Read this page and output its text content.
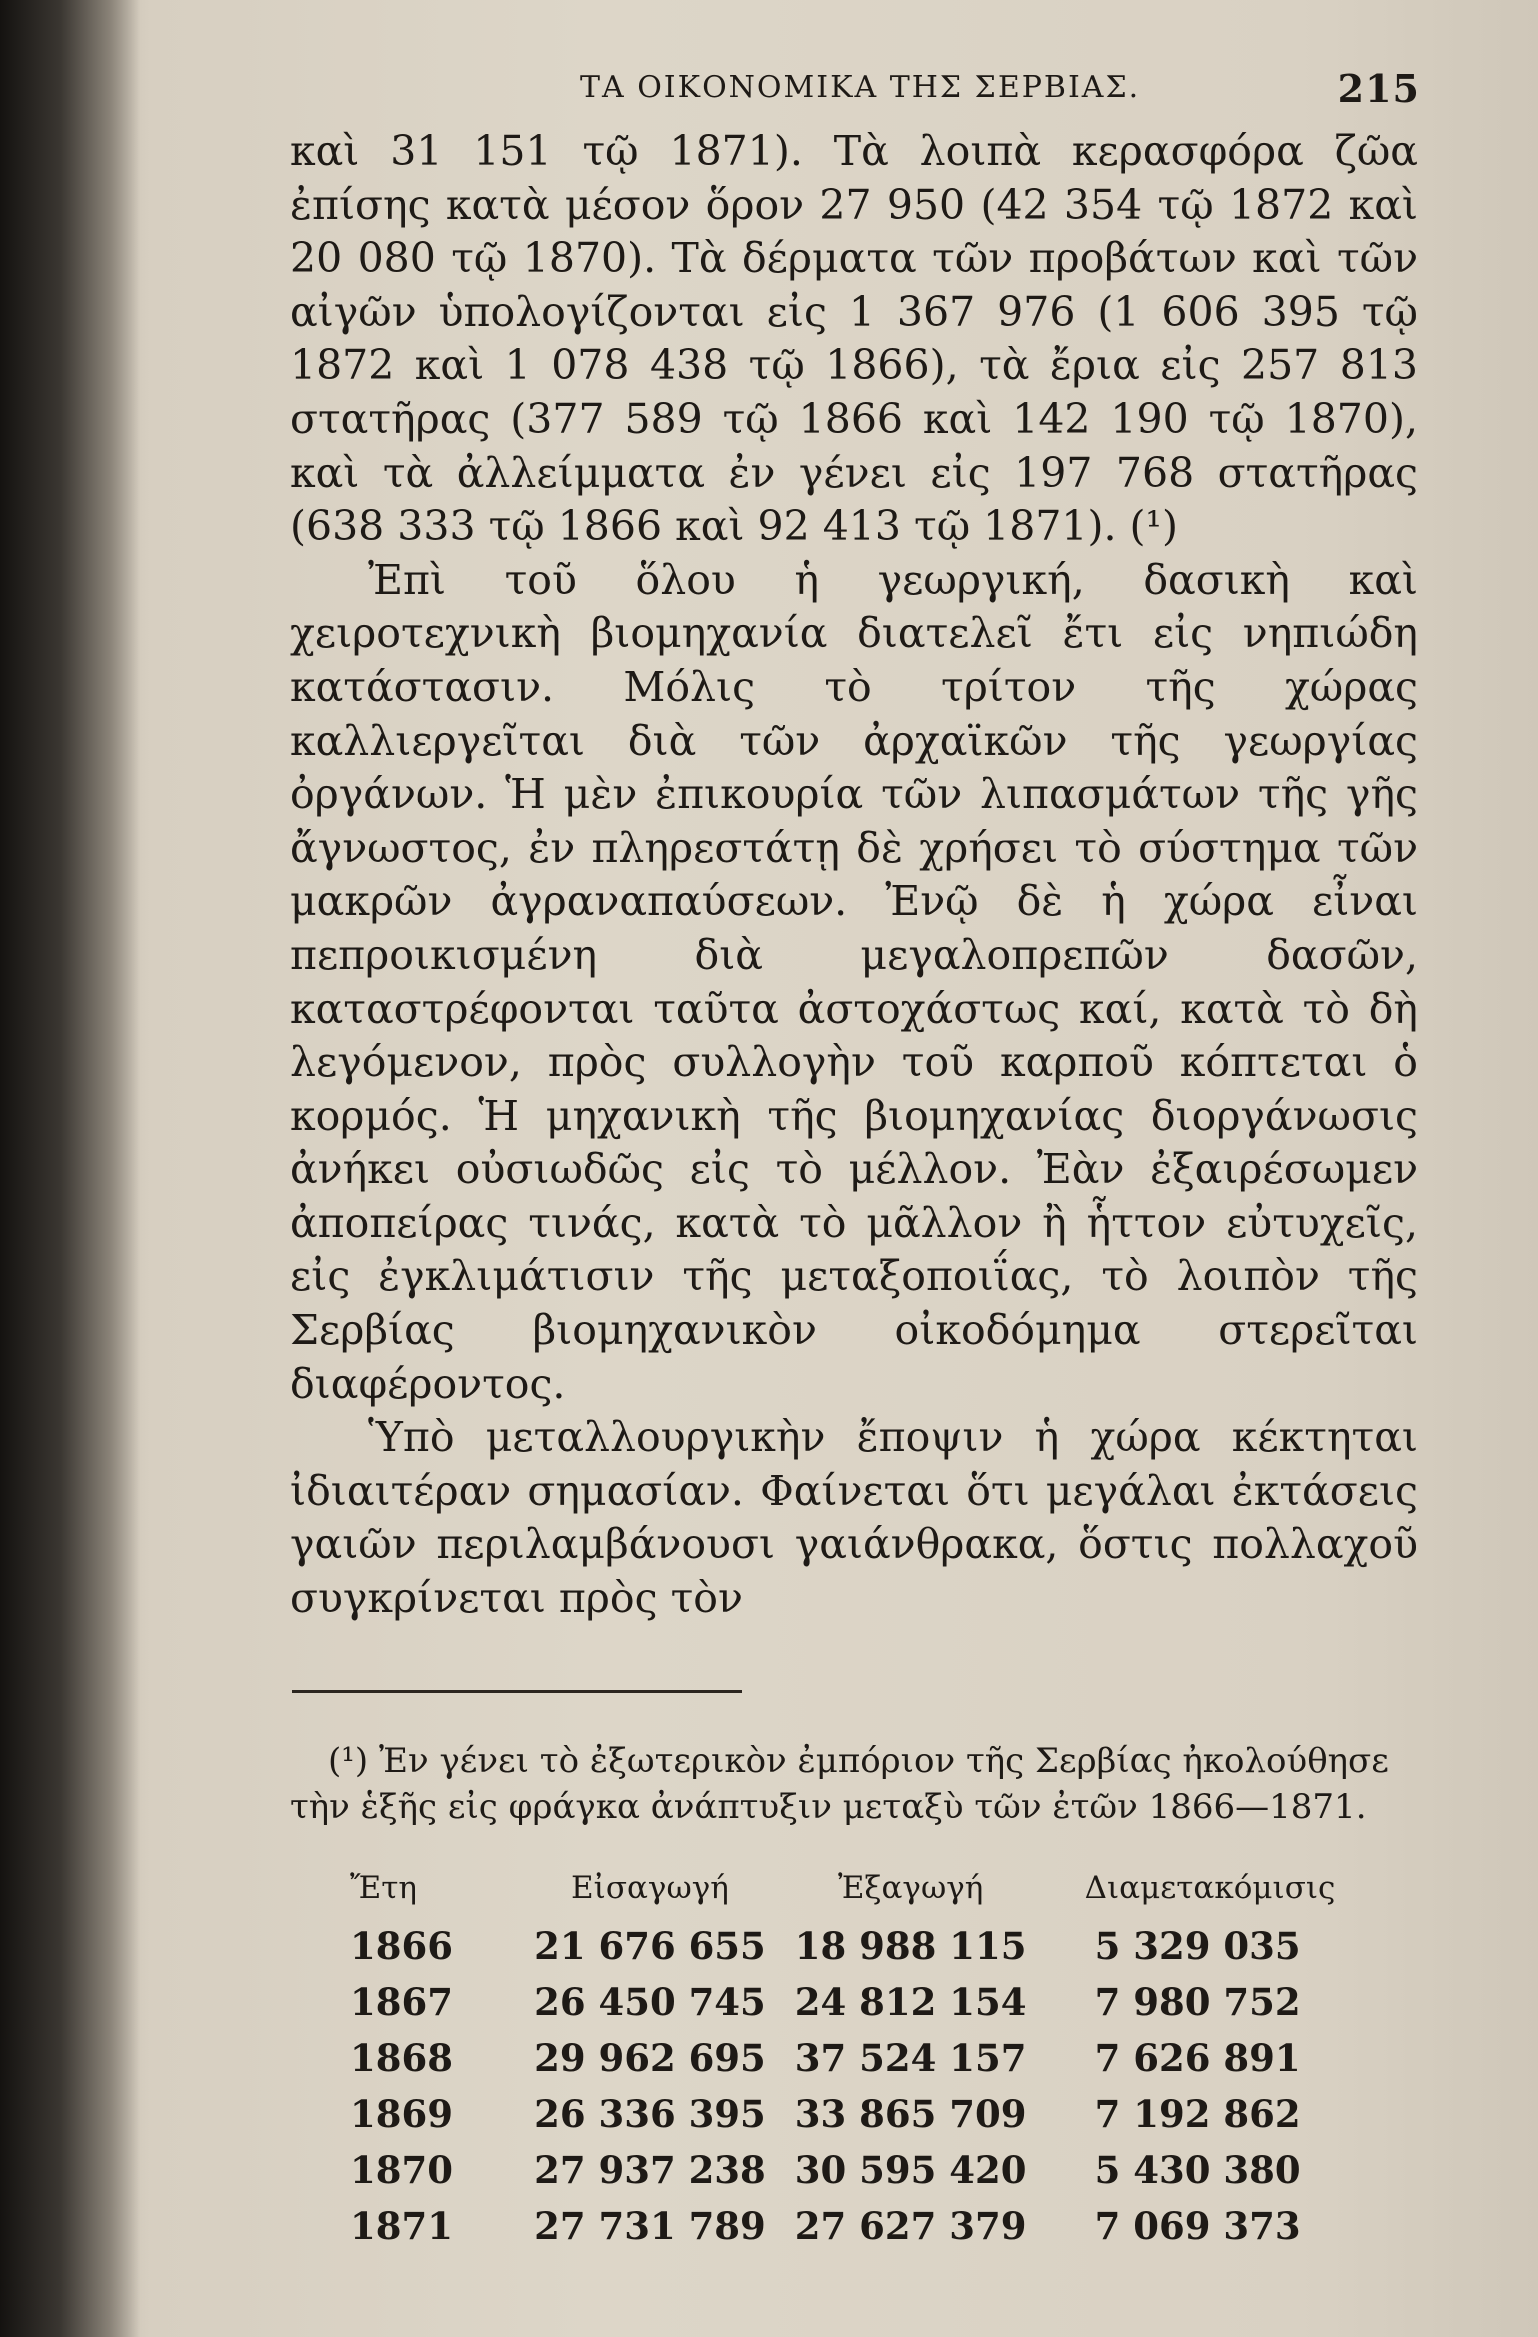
ΤΑ ΟΙΚΟΝΟΜΙΚΑ ΤΗΣ ΣΕΡΒΙΑΣ.	215

καὶ 31 151 τῷ 1871). Τὰ λοιπὰ κερασφόρα ζῶα ἐπίσης κατὰ μέσον ὅρον 27 950 (42 354 τῷ 1872 καὶ 20 080 τῷ 1870). Τὰ δέρματα τῶν προβάτων καὶ τῶν αἰγῶν ὑπολογίζονται εἰς 1 367 976 (1 606 395 τῷ 1872 καὶ 1 078 438 τῷ 1866), τὰ ἔρια εἰς 257 813 στατῆρας (377 589 τῷ 1866 καὶ 142 190 τῷ 1870), καὶ τὰ ἀλλείμματα ἐν γένει εἰς 197 768 στατῆρας (638 333 τῷ 1866 καὶ 92 413 τῷ 1871). (¹)

Ἐπὶ τοῦ ὅλου ἡ γεωργική, δασικὴ καὶ χειροτεχνικὴ βιομηχανία διατελεῖ ἔτι εἰς νηπιώδη κατάστασιν. Μόλις τὸ τρίτον τῆς χώρας καλλιεργεῖται διὰ τῶν ἀρχαϊκῶν τῆς γεωργίας ὀργάνων. Ἡ μὲν ἐπικουρία τῶν λιπασμάτων τῆς γῆς ἄγνωστος, ἐν πληρεστάτῃ δὲ χρήσει τὸ σύστημα τῶν μακρῶν ἀγραναπαύσεων. Ἐνῷ δὲ ἡ χώρα εἶναι πεπροικισμένη διὰ μεγαλοπρεπῶν δασῶν, καταστρέφονται ταῦτα ἀστοχάστως καί, κατὰ τὸ δὴ λεγόμενον, πρὸς συλλογὴν τοῦ καρποῦ κόπτεται ὁ κορμός. Ἡ μηχανικὴ τῆς βιομηχανίας διοργάνωσις ἀνήκει οὐσιωδῶς εἰς τὸ μέλλον. Ἐὰν ἐξαιρέσωμεν ἀποπείρας τινάς, κατὰ τὸ μᾶλλον ἢ ἧττον εὐτυχεῖς, εἰς ἐγκλιμάτισιν τῆς μεταξοποιΐας, τὸ λοιπὸν τῆς Σερβίας βιομηχανικὸν οἰκοδόμημα στερεῖται διαφέροντος.

Ὑπὸ μεταλλουργικὴν ἔποψιν ἡ χώρα κέκτηται ἰδιαιτέραν σημασίαν. Φαίνεται ὅτι μεγάλαι ἐκτάσεις γαιῶν περιλαμβάνουσι γαιάνθρακα, ὅστις πολλαχοῦ συγκρίνεται πρὸς τὸν

(¹) Ἐν γένει τὸ ἐξωτερικὸν ἐμπόριον τῆς Σερβίας ἠκολούθησε τὴν ἑξῆς εἰς φράγκα ἀνάπτυξιν μεταξὺ τῶν ἐτῶν 1866—1871.

Ἔτη	Εἰσαγωγή	Ἐξαγωγή	Διαμετακόμισις
1866	21 676 655	18 988 115	5 329 035
1867	26 450 745	24 812 154	7 980 752
1868	29 962 695	37 524 157	7 626 891
1869	26 336 395	33 865 709	7 192 862
1870	27 937 238	30 595 420	5 430 380
1871	27 731 789	27 627 379	7 069 373
